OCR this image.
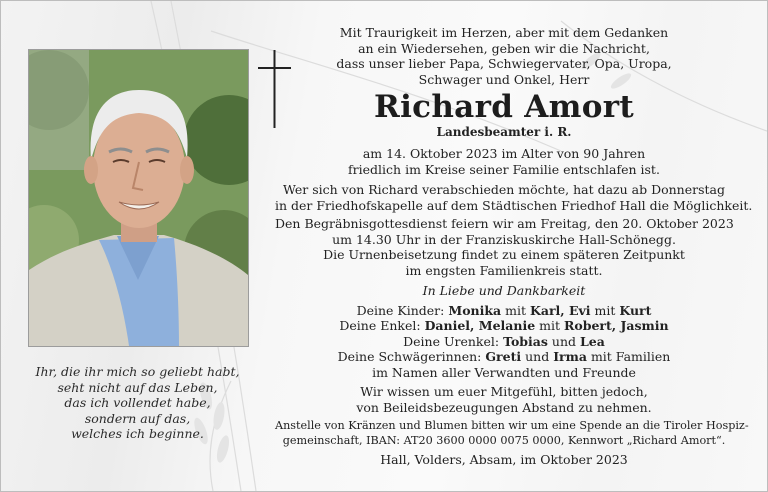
Ihr, die ihr mich so geliebt habt,
seht nicht auf das Leben,
das ich vollendet habe,
sondern auf das,
welches ich beginne.
Mit Traurigkeit im Herzen, aber mit dem Gedanken
an ein Wiedersehen, geben wir die Nachricht,
dass unser lieber Papa, Schwiegervater, Opa, Uropa,
Schwager und Onkel, Herr
Richard Amort
Landesbeamter i. R.
am 14. Oktober 2023 im Alter von 90 Jahren
friedlich im Kreise seiner Familie entschlafen ist.
Wer sich von Richard verabschieden möchte, hat dazu ab Donnerstag
in der Friedhofskapelle auf dem Städtischen Friedhof Hall die Möglichkeit.
Den Begräbnisgottesdienst feiern wir am Freitag, den 20. Oktober 2023
um 14.30 Uhr in der Franziskuskirche Hall-Schönegg.
Die Urnenbeisetzung findet zu einem späteren Zeitpunkt
im engsten Familienkreis statt.
In Liebe und Dankbarkeit
Deine Kinder: Monika mit Karl, Evi mit Kurt
Deine Enkel: Daniel, Melanie mit Robert, Jasmin
Deine Urenkel: Tobias und Lea
Deine Schwägerinnen: Greti und Irma mit Familien
im Namen aller Verwandten und Freunde
Wir wissen um euer Mitgefühl, bitten jedoch,
von Beileidsbezeugungen Abstand zu nehmen.
Anstelle von Kränzen und Blumen bitten wir um eine Spende an die Tiroler Hospiz-
gemeinschaft, IBAN: AT20 3600 0000 0075 0000, Kennwort „Richard Amort“.
Hall, Volders, Absam, im Oktober 2023
